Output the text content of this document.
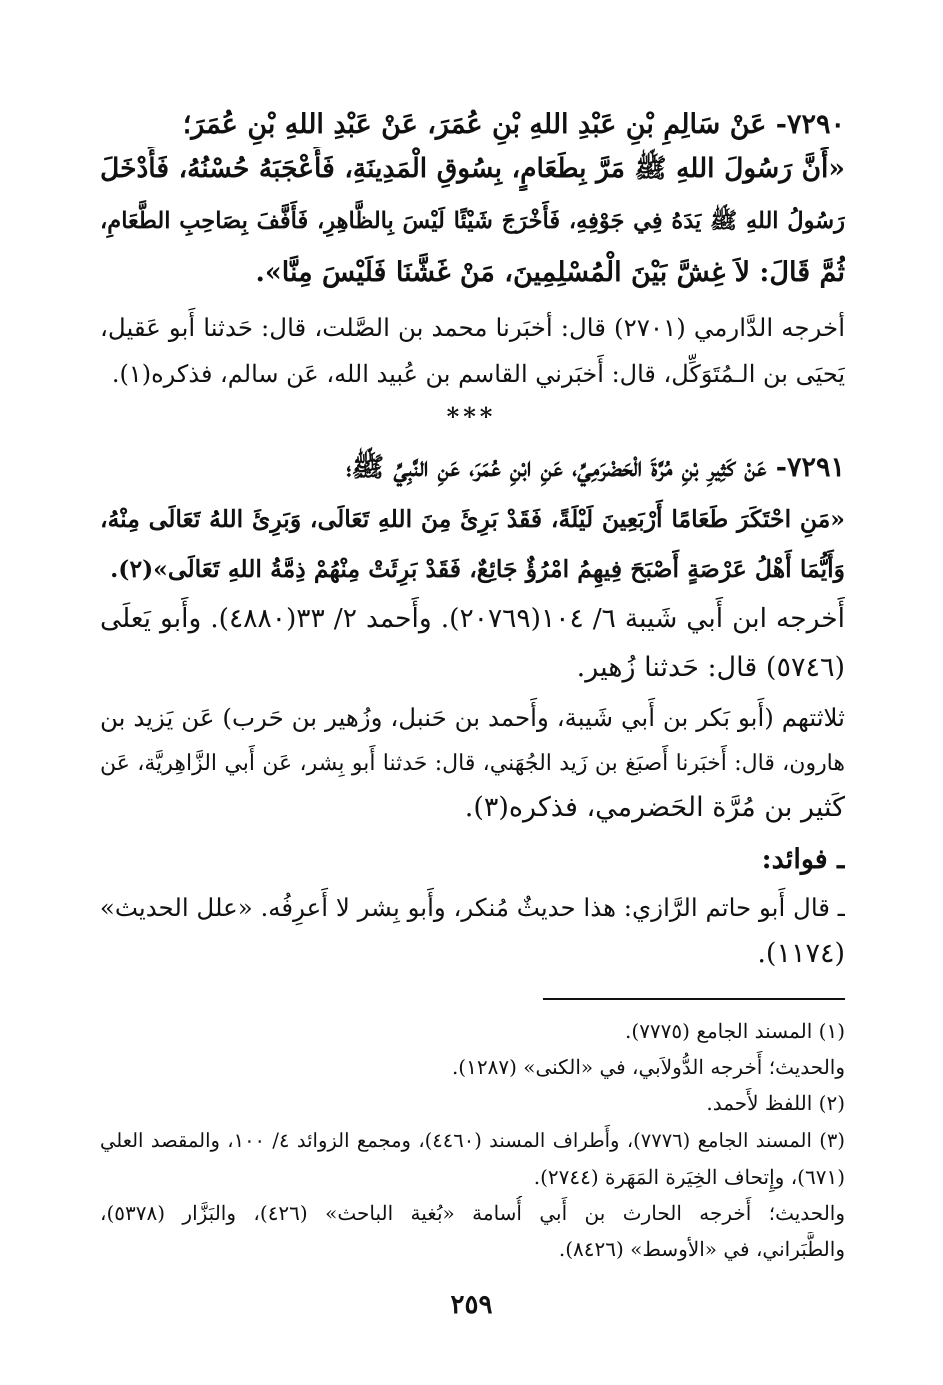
٧٢٩٠- عَنْ سَالِمِ بْنِ عَبْدِ اللهِ بْنِ عُمَرَ، عَنْ عَبْدِ اللهِ بْنِ عُمَرَ؛
«أَنَّ رَسُولَ اللهِ ﷺ مَرَّ بِطَعَامٍ، بِسُوقِ الْمَدِينَةِ، فَأَعْجَبَهُ حُسْنُهُ، فَأَدْخَلَ
رَسُولُ اللهِ ﷺ يَدَهُ فِي جَوْفِهِ، فَأَخْرَجَ شَيْئًا لَيْسَ بِالظَّاهِرِ، فَأَفَّفَ بِصَاحِبِ الطَّعَامِ،
ثُمَّ قَالَ: لاَ غِشَّ بَيْنَ الْمُسْلِمِينَ، مَنْ غَشَّنَا فَلَيْسَ مِنَّا».
أخرجه الدَّارمي (٢٧٠١) قال: أخبَرنا محمد بن الصَّلت، قال: حَدثنا أَبو عَقيل،
يَحيَى بن الـمُتَوَكِّل، قال: أَخبَرني القاسم بن عُبيد الله، عَن سالم، فذكره(١).
***
٧٢٩١- عَنْ كَثِيرِ بْنِ مُرَّةَ الْحَضْرَمِيِّ، عَنِ ابْنِ عُمَرَ، عَنِ النَّبِيِّ ﷺ؛
«مَنِ احْتَكَرَ طَعَامًا أَرْبَعِينَ لَيْلَةً، فَقَدْ بَرِئَ مِنَ اللهِ تَعَالَى، وَبَرِئَ اللهُ تَعَالَى مِنْهُ،
وَأَيُّمَا أَهْلُ عَرْصَةٍ أَصْبَحَ فِيهِمُ امْرُؤٌ جَائِعٌ، فَقَدْ بَرِئَتْ مِنْهُمْ ذِمَّةُ اللهِ تَعَالَى»(٢).
أَخرجه ابن أَبي شَيبة ٦/ ١٠٤(٢٠٧٦٩). وأَحمد ٢/ ٣٣(٤٨٨٠). وأَبو يَعلَى
(٥٧٤٦) قال: حَدثنا زُهير.
ثلاثتهم (أَبو بَكر بن أَبي شَيبة، وأَحمد بن حَنبل، وزُهير بن حَرب) عَن يَزيد بن
هارون، قال: أَخبَرنا أَصبَغ بن زَيد الجُهَني، قال: حَدثنا أَبو بِشر، عَن أَبي الزَّاهِريَّة، عَن
كَثير بن مُرَّة الحَضرمي، فذكره(٣).
ـ فوائد:
ـ قال أَبو حاتم الرَّازي: هذا حديثٌ مُنكر، وأَبو بِشر لا أَعرِفُه. «علل الحديث»
(١١٧٤).
(١) المسند الجامع (٧٧٧٥).
والحديث؛ أَخرجه الدُّولاَبي، في «الكنى» (١٢٨٧).
(٢) اللفظ لأَحمد.
(٣) المسند الجامع (٧٧٧٦)، وأَطراف المسند (٤٤٦٠)، ومجمع الزوائد ٤/ ١٠٠، والمقصد العلي
(٦٧١)، وإِتحاف الخِيَرة المَهَرة (٢٧٤٤).
والحديث؛ أَخرجه الحارث بن أَبي أُسامة «بُغية الباحث» (٤٢٦)، والبَزَّار (٥٣٧٨)،
والطَّبَراني، في «الأوسط» (٨٤٢٦).
٢٥٩
